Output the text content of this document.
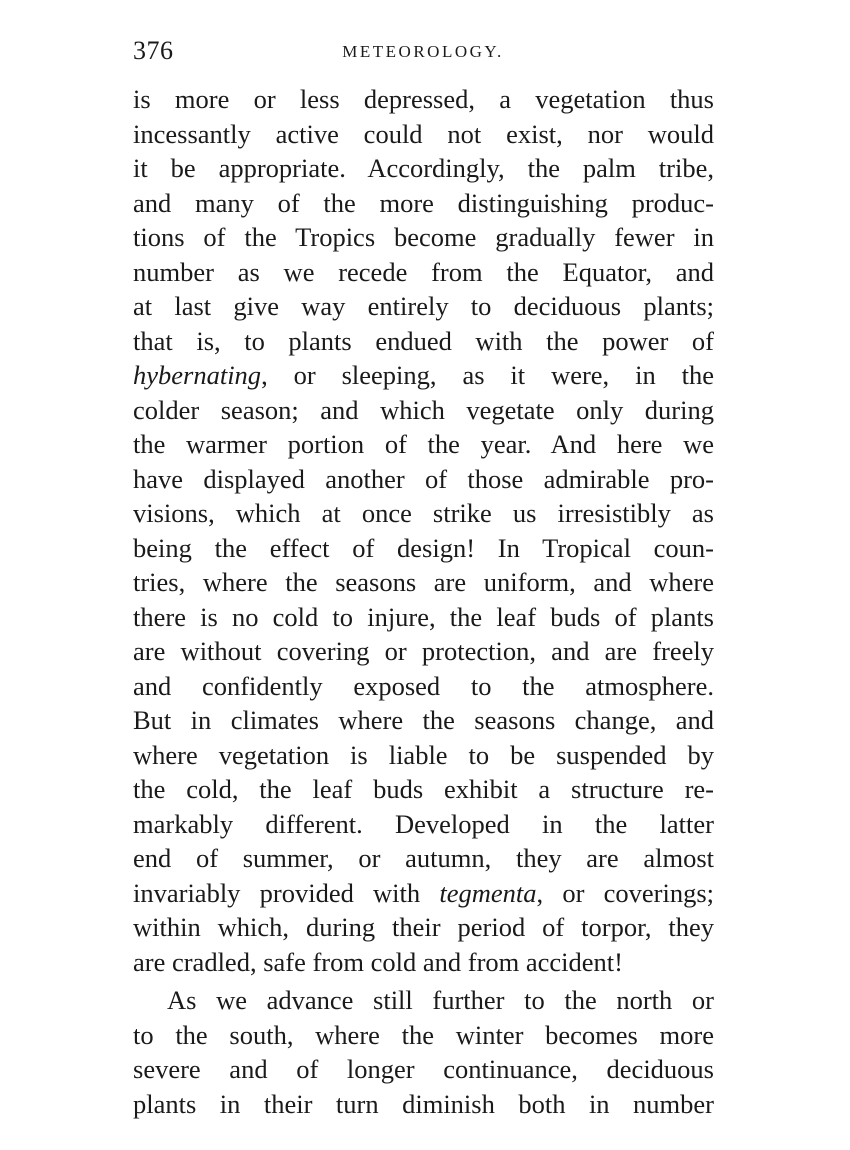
376	METEOROLOGY.
is more or less depressed, a vegetation thus
incessantly active could not exist, nor would
it be appropriate. Accordingly, the palm tribe,
and many of the more distinguishing produc-
tions of the Tropics become gradually fewer in
number as we recede from the Equator, and
at last give way entirely to deciduous plants;
that is, to plants endued with the power of
hybernating, or sleeping, as it were, in the
colder season; and which vegetate only during
the warmer portion of the year. And here we
have displayed another of those admirable pro-
visions, which at once strike us irresistibly as
being the effect of design! In Tropical coun-
tries, where the seasons are uniform, and where
there is no cold to injure, the leaf buds of plants
are without covering or protection, and are freely
and confidently exposed to the atmosphere.
But in climates where the seasons change, and
where vegetation is liable to be suspended by
the cold, the leaf buds exhibit a structure re-
markably different. Developed in the latter
end of summer, or autumn, they are almost
invariably provided with tegmenta, or coverings;
within which, during their period of torpor, they
are cradled, safe from cold and from accident!
As we advance still further to the north or
to the south, where the winter becomes more
severe and of longer continuance, deciduous
plants in their turn diminish both in number
